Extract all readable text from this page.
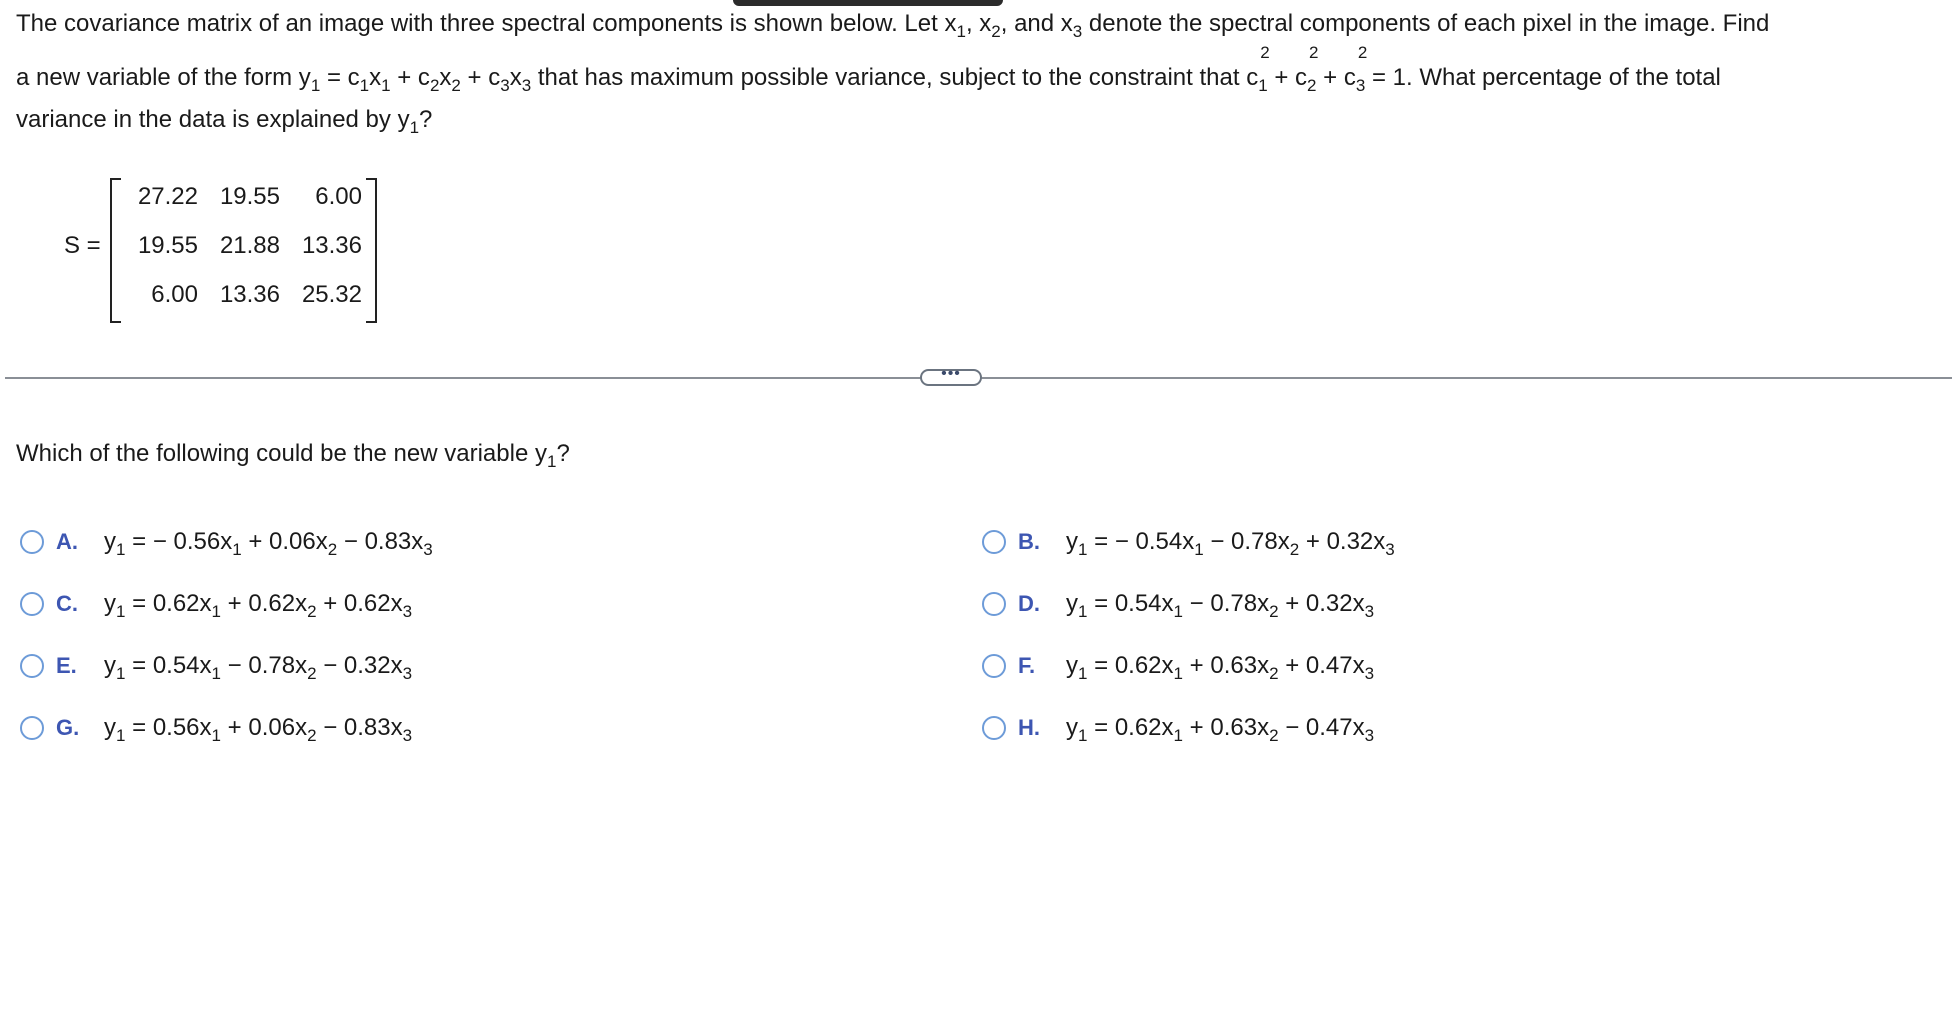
The covariance matrix of an image with three spectral components is shown below. Let $x_1$, $x_2$, and $x_3$ denote the spectral components of each pixel in the image. Find
a new variable of the form $y_1 = c_1x_1 + c_2x_2 + c_3x_3$ that has maximum possible variance, subject to the constraint that c
2
$_1$ + c
2
$_2$ + c
2
$_3$ = 1. What percentage of the total
variance in the data is explained by $y_1$?
S =
27.22 19.55	6.00
19.55 21.88 13.36
6.00 13.36 25.32
•••
Which of the following could be the new variable $y_1$?
A.	$y_1$ = − $0.56x_1 + 0.06x_2 - 0.83x_3$	B.	$y_1$ = − $0.54x_1 - 0.78x_2 + 0.32x_3$
C.	$y_1 = 0.62x_1 + 0.62x_2 + 0.62x_3$	D.	$y_1 = 0.54x_1 - 0.78x_2 + 0.32x_3$
E.	$y_1 = 0.54x_1 - 0.78x_2 - 0.32x_3$	F.	$y_1 = 0.62x_1 + 0.63x_2 + 0.47x_3$
G.	$y_1 = 0.56x_1 + 0.06x_2 - 0.83x_3$	H.	$y_1 = 0.62x_1 + 0.63x_2 - 0.47x_3$
